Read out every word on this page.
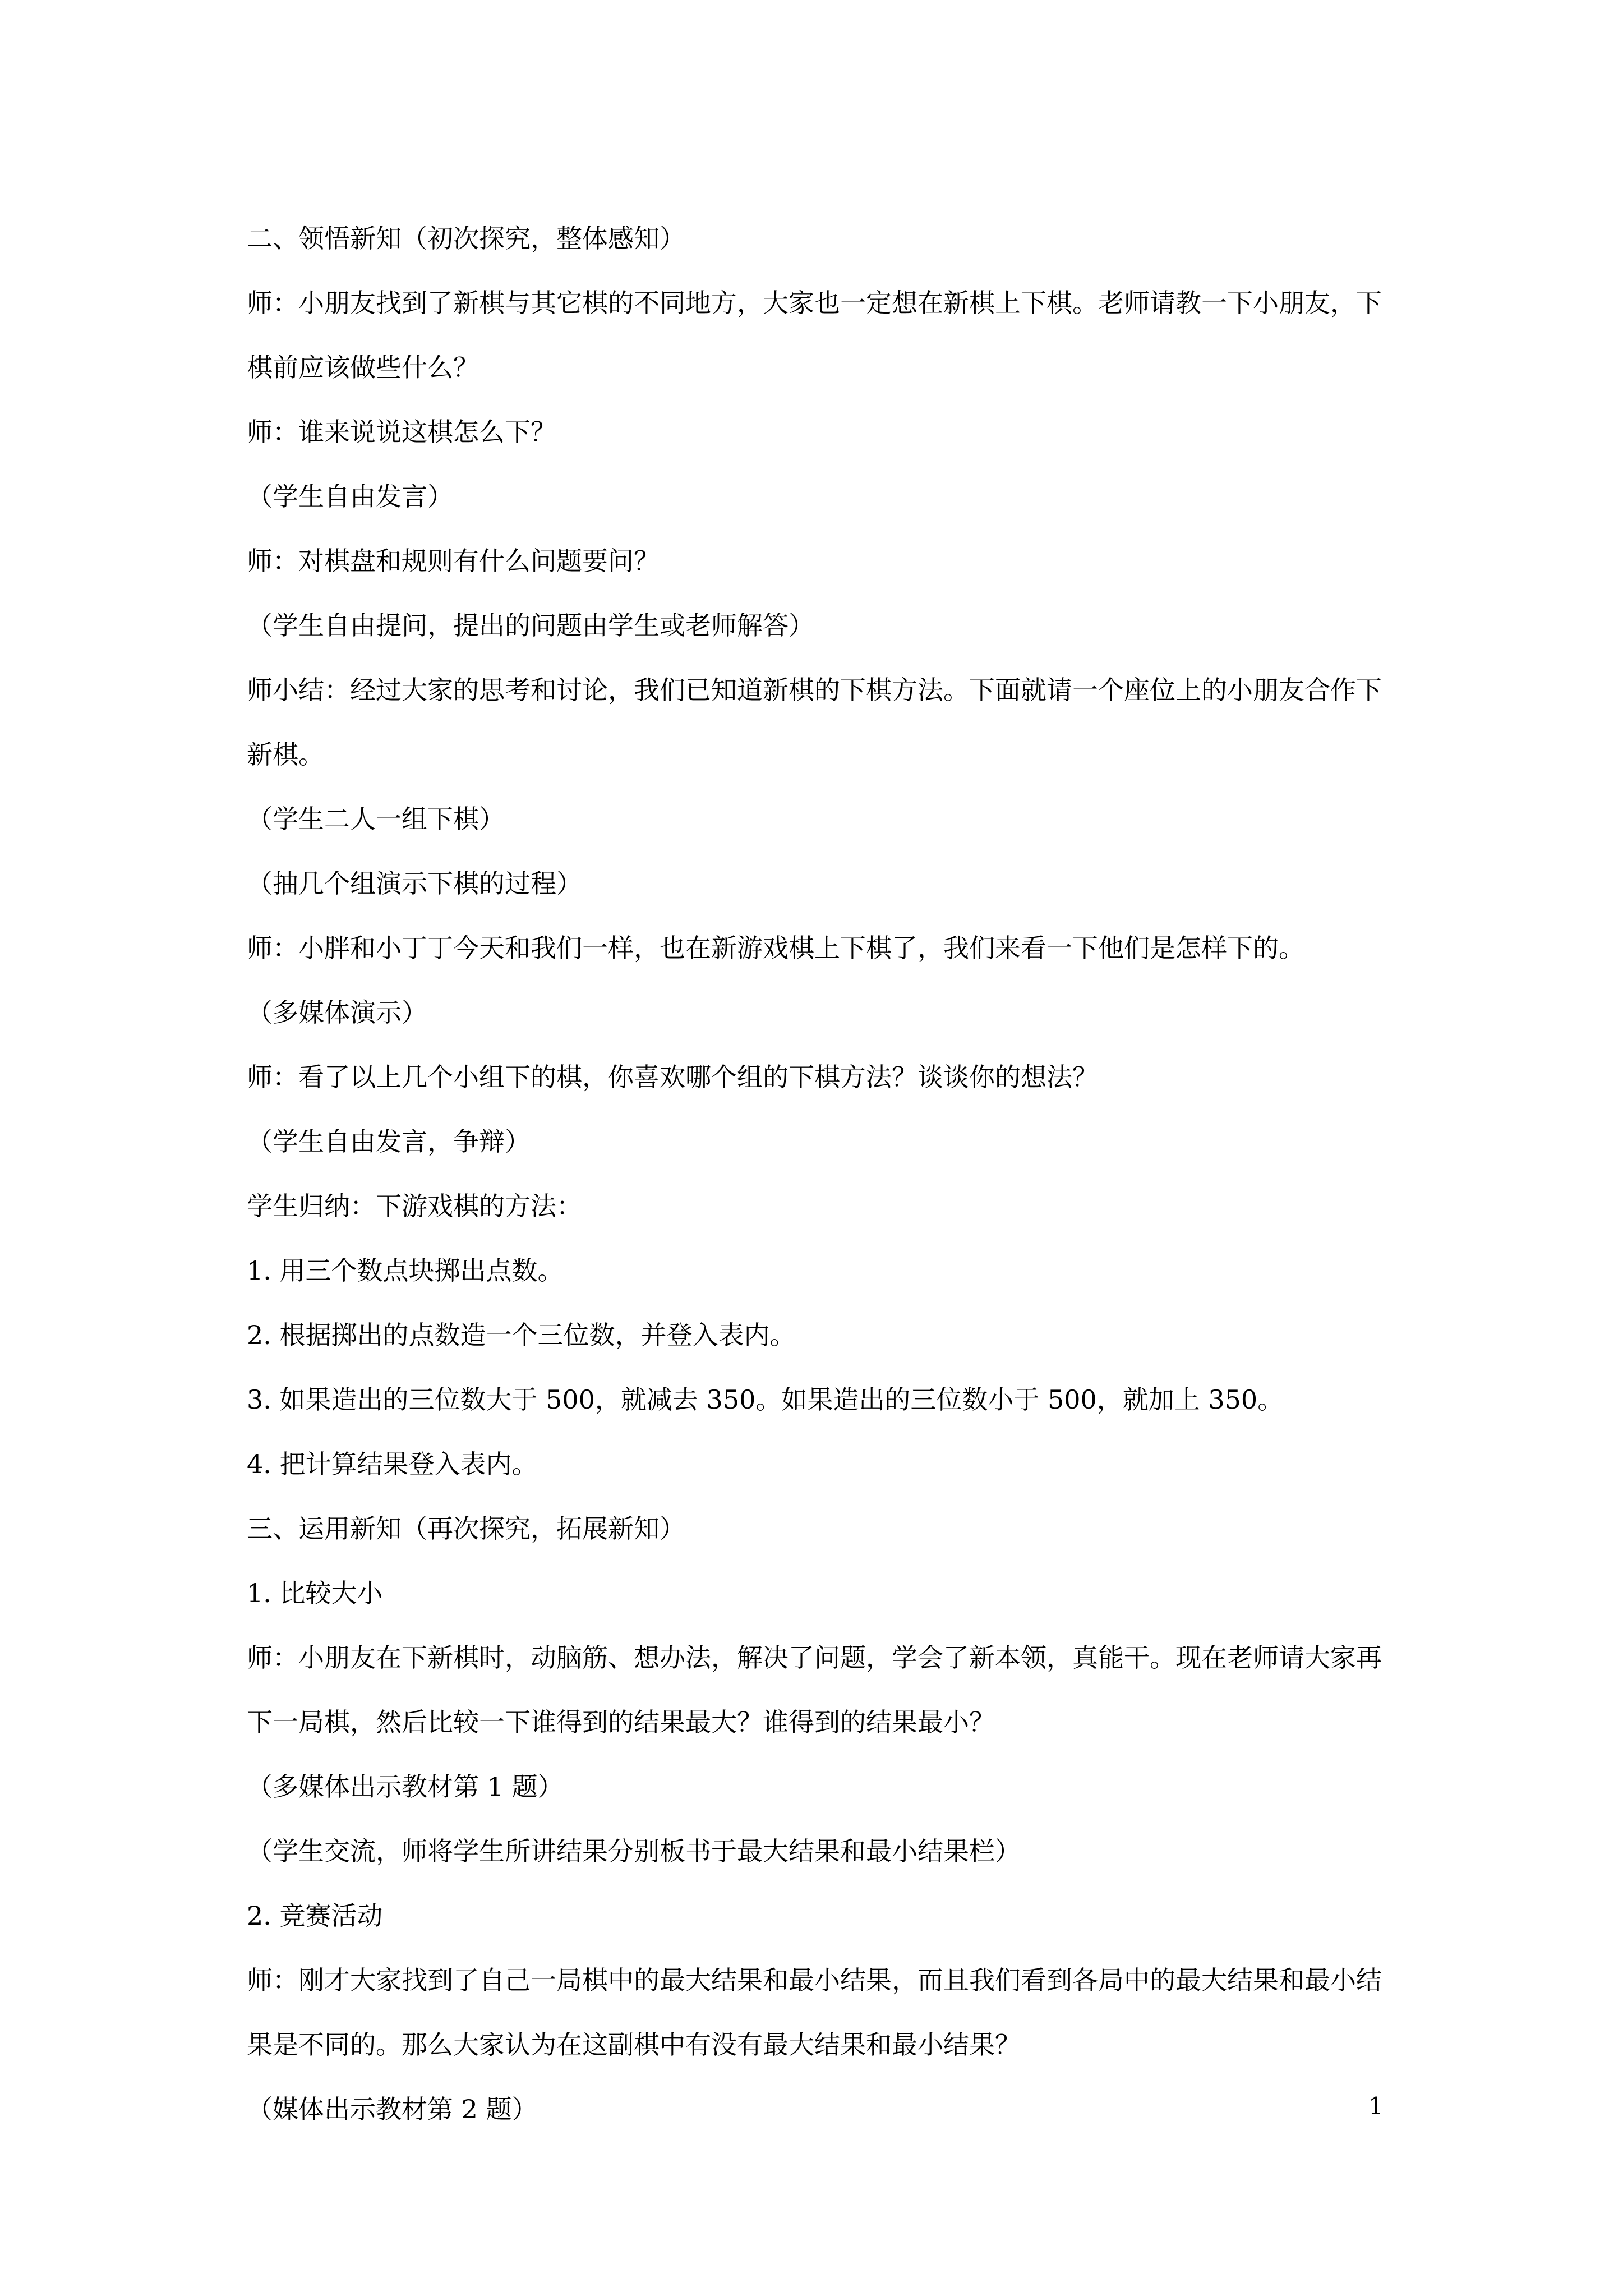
二、领悟新知（初次探究，整体感知）

师：小朋友找到了新棋与其它棋的不同地方，大家也一定想在新棋上下棋。老师请教一下小朋友，下棋前应该做些什么？

师：谁来说说这棋怎么下？

（学生自由发言）

师：对棋盘和规则有什么问题要问？

（学生自由提问，提出的问题由学生或老师解答）

师小结：经过大家的思考和讨论，我们已知道新棋的下棋方法。下面就请一个座位上的小朋友合作下新棋。

（学生二人一组下棋）

（抽几个组演示下棋的过程）

师：小胖和小丁丁今天和我们一样，也在新游戏棋上下棋了，我们来看一下他们是怎样下的。

（多媒体演示）

师：看了以上几个小组下的棋，你喜欢哪个组的下棋方法？谈谈你的想法？

（学生自由发言，争辩）

学生归纳：下游戏棋的方法：

1. 用三个数点块掷出点数。

2. 根据掷出的点数造一个三位数，并登入表内。

3. 如果造出的三位数大于 500，就减去 350。如果造出的三位数小于 500，就加上 350。

4. 把计算结果登入表内。

三、运用新知（再次探究，拓展新知）

1. 比较大小

师：小朋友在下新棋时，动脑筋、想办法，解决了问题，学会了新本领，真能干。现在老师请大家再下一局棋，然后比较一下谁得到的结果最大？谁得到的结果最小？

（多媒体出示教材第 1 题）

（学生交流，师将学生所讲结果分别板书于最大结果和最小结果栏）

2. 竞赛活动

师：刚才大家找到了自己一局棋中的最大结果和最小结果，而且我们看到各局中的最大结果和最小结果是不同的。那么大家认为在这副棋中有没有最大结果和最小结果？

（媒体出示教材第 2 题）	1
